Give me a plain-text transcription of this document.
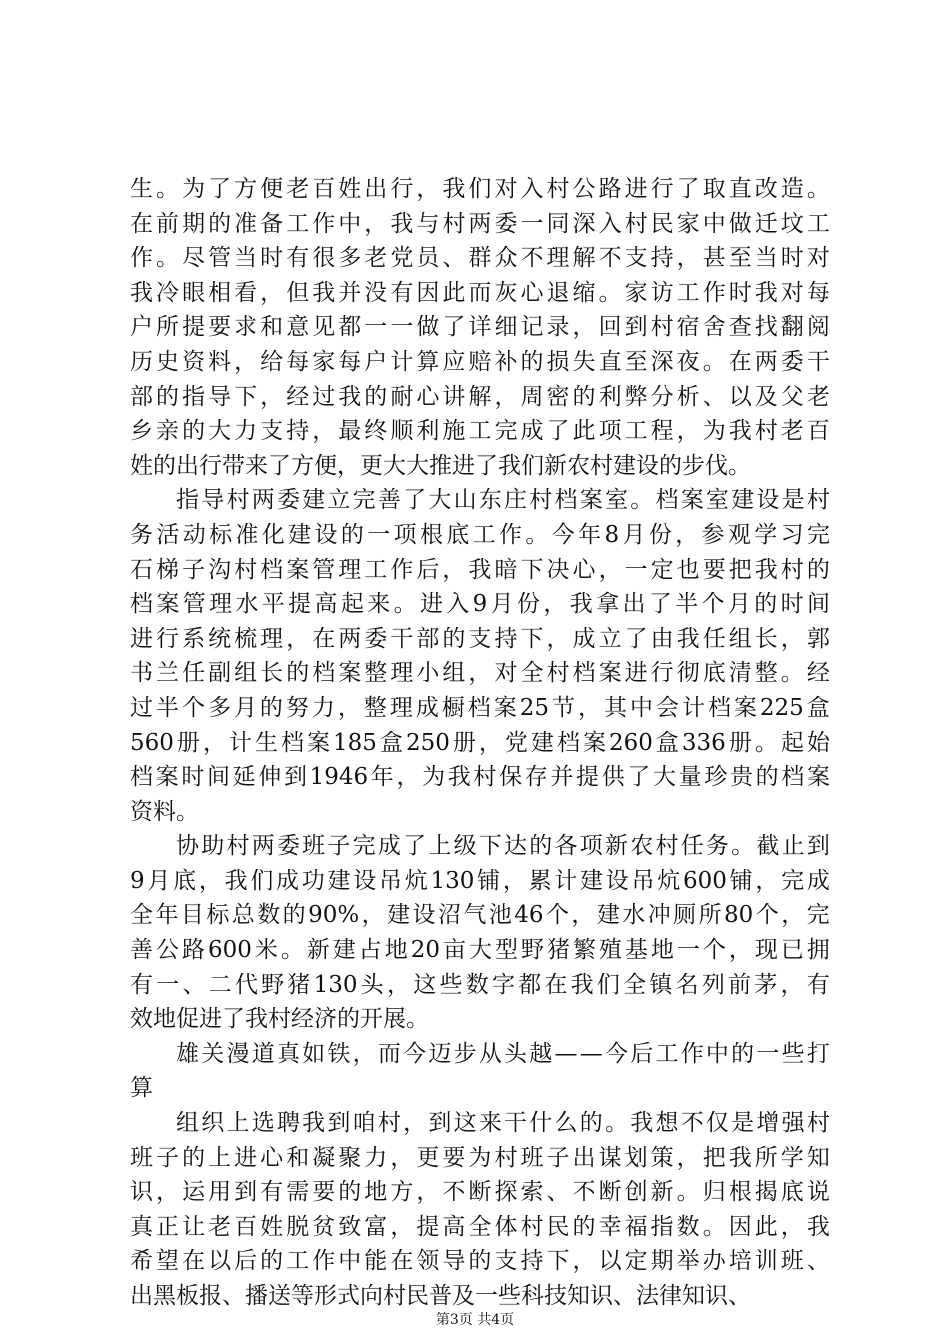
生 。 为 了 方 便 老 百 姓 出 行 ， 我 们 对 入 村 公 路 进 行 了 取 直 改 造 。
在 前 期 的 准 备 工 作 中 ， 我 与 村 两 委 一 同 深 入 村 民 家 中 做 迁 坟 工
作 。 尽 管 当 时 有 很 多 老 党 员 、 群 众 不 理 解 不 支 持 ， 甚 至 当 时 对
我 冷 眼 相 看 ， 但 我 并 没 有 因 此 而 灰 心 退 缩 。 家 访 工 作 时 我 对 每
户 所 提 要 求 和 意 见 都 一 一 做 了 详 细 记 录 ， 回 到 村 宿 舍 查 找 翻 阅
历 史 资 料 ， 给 每 家 每 户 计 算 应 赔 补 的 损 失 直 至 深 夜 。 在 两 委 干
部 的 指 导 下 ， 经 过 我 的 耐 心 讲 解 ， 周 密 的 利 弊 分 析 、 以 及 父 老
乡 亲 的 大 力 支 持 ， 最 终 顺 利 施 工 完 成 了 此 项 工 程 ， 为 我 村 老 百
姓的出行带来了方便，更大大推进了我们新农村建设的步伐。
指 导 村 两 委 建 立 完 善 了 大 山 东 庄 村 档 案 室 。 档 案 室 建 设 是 村
务 活 动 标 准 化 建 设 的 一 项 根 底 工 作 。 今 年 8 月 份 ， 参 观 学 习 完
石 梯 子 沟 村 档 案 管 理 工 作 后 ， 我 暗 下 决 心 ， 一 定 也 要 把 我 村 的
档 案 管 理 水 平 提 高 起 来 。 进 入 9 月 份 ， 我 拿 出 了 半 个 月 的 时 间
进 行 系 统 梳 理 ， 在 两 委 干 部 的 支 持 下 ， 成 立 了 由 我 任 组 长 ， 郭
书 兰 任 副 组 长 的 档 案 整 理 小 组 ， 对 全 村 档 案 进 行 彻 底 清 整 。 经
过 半 个 多 月 的 努 力 ， 整 理 成 橱 档 案 25 节 ， 其 中 会 计 档 案 225 盒
560 册 ， 计 生 档 案 185 盒 250 册 ， 党 建 档 案 260 盒 336 册 。 起 始
档 案 时 间 延 伸 到 1946 年 ， 为 我 村 保 存 并 提 供 了 大 量 珍 贵 的 档 案
资料。
协 助 村 两 委 班 子 完 成 了 上 级 下 达 的 各 项 新 农 村 任 务 。 截 止 到
9 月 底 ， 我 们 成 功 建 设 吊 炕 130 铺 ， 累 计 建 设 吊 炕 600 铺 ， 完 成
全 年 目 标 总 数 的 90% ， 建 设 沼 气 池 46 个 ， 建 水 冲 厕 所 80 个 ， 完
善 公 路 600 米 。 新 建 占 地 20 亩 大 型 野 猪 繁 殖 基 地 一 个 ， 现 已 拥
有 一 、 二 代 野 猪 130 头 ， 这 些 数 字 都 在 我 们 全 镇 名 列 前 茅 ， 有
效地促进了我村经济的开展。
雄 关 漫 道 真 如 铁 ， 而 今 迈 步 从 头 越 — — 今 后 工 作 中 的 一 些 打
算
组 织 上 选 聘 我 到 咱 村 ， 到 这 来 干 什 么 的 。 我 想 不 仅 是 增 强 村
班 子 的 上 进 心 和 凝 聚 力 ， 更 要 为 村 班 子 出 谋 划 策 ， 把 我 所 学 知
识 ， 运 用 到 有 需 要 的 地 方 ， 不 断 探 索 、 不 断 创 新 。 归 根 揭 底 说
真 正 让 老 百 姓 脱 贫 致 富 ， 提 高 全 体 村 民 的 幸 福 指 数 。 因 此 ， 我
希 望 在 以 后 的 工 作 中 能 在 领 导 的 支 持 下 ， 以 定 期 举 办 培 训 班 、
出黑板报、播送等形式向村民普及一些科技知识、法律知识、
第3页 共4页
